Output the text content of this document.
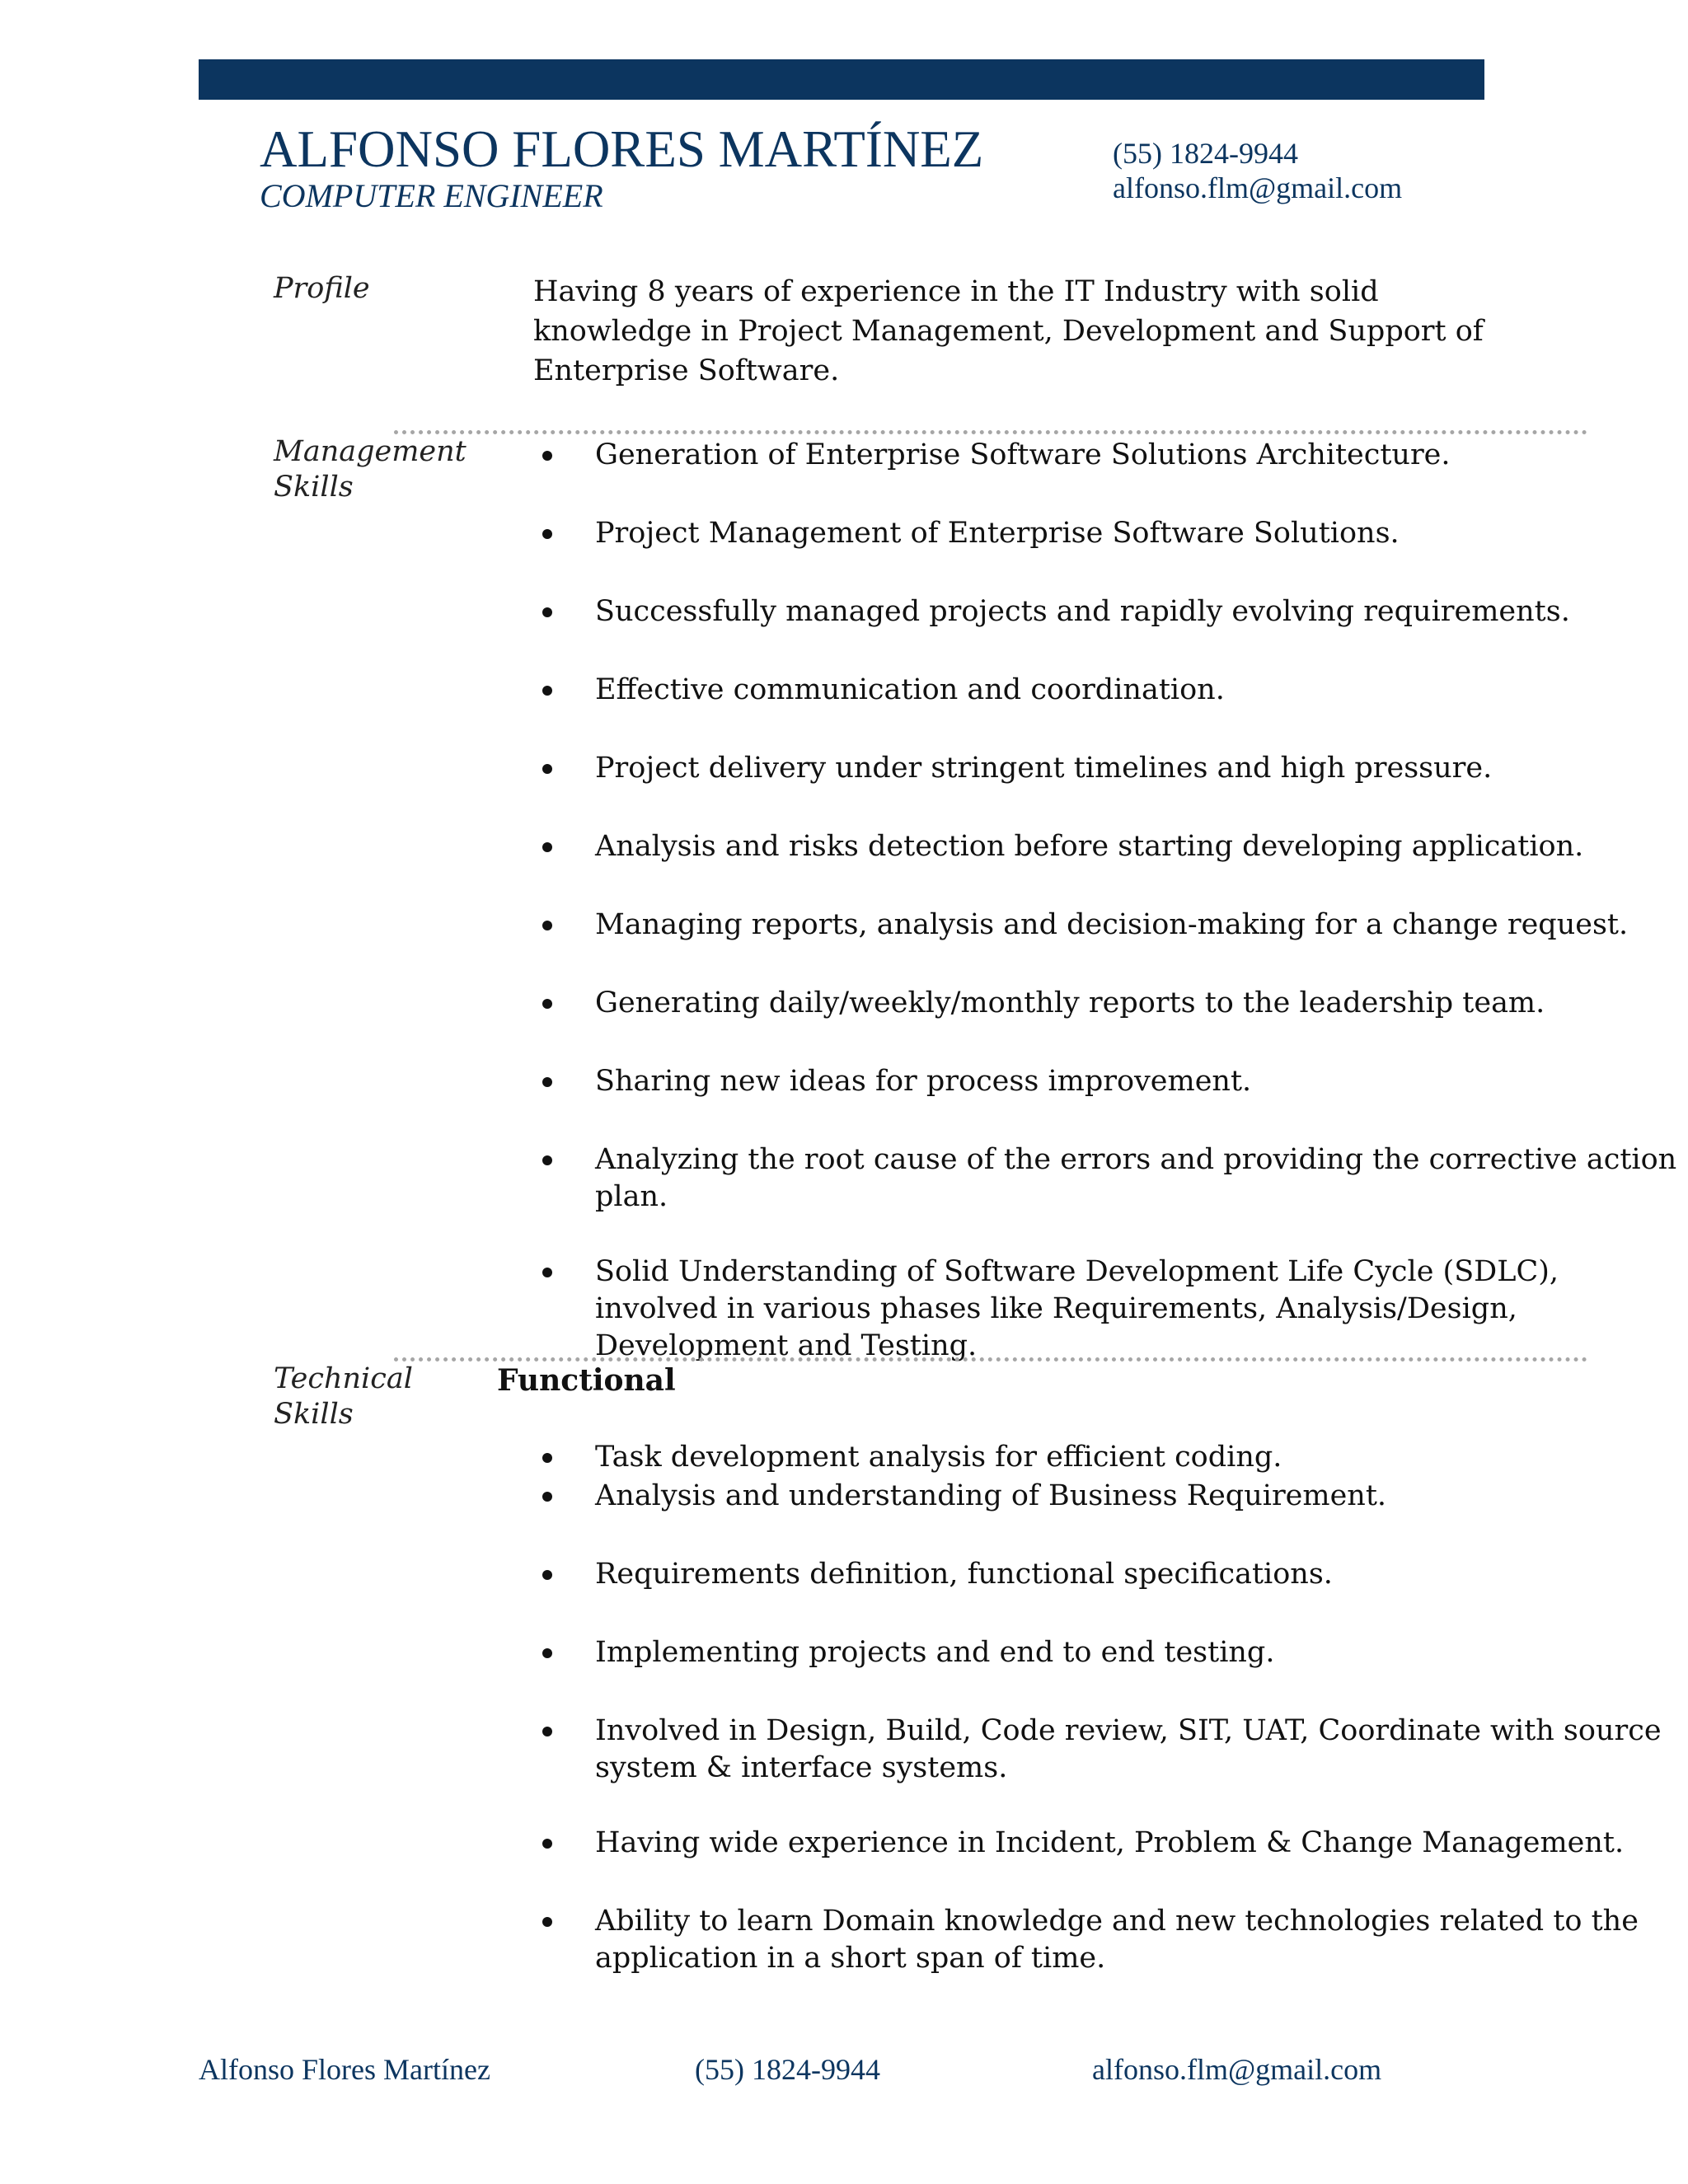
ALFONSO FLORES MARTÍNEZ
COMPUTER ENGINEER
(55) 1824-9944
alfonso.flm@gmail.com
Profile	Having 8 years of experience in the IT Industry with solid knowledge in Project Management, Development and Support of Enterprise Software.
Management
Skills
Generation of Enterprise Software Solutions Architecture.
Project Management of Enterprise Software Solutions.
Successfully managed projects and rapidly evolving requirements.
Effective communication and coordination.
Project delivery under stringent timelines and high pressure.
Analysis and risks detection before starting developing application.
Managing reports, analysis and decision-making for a change request.
Generating daily/weekly/monthly reports to the leadership team.
Sharing new ideas for process improvement.
Analyzing the root cause of the errors and providing the corrective action
plan.
Solid Understanding of Software Development Life Cycle (SDLC),
involved in various phases like Requirements, Analysis/Design,
Development and Testing.
Technical
Skills
Functional
Task development analysis for efficient coding.
Analysis and understanding of Business Requirement.
Requirements definition, functional specifications.
Implementing projects and end to end testing.
Involved in Design, Build, Code review, SIT, UAT, Coordinate with source
system & interface systems.
Having wide experience in Incident, Problem & Change Management.
Ability to learn Domain knowledge and new technologies related to the
application in a short span of time.
Alfonso Flores Martínez	(55) 1824-9944	alfonso.flm@gmail.com
